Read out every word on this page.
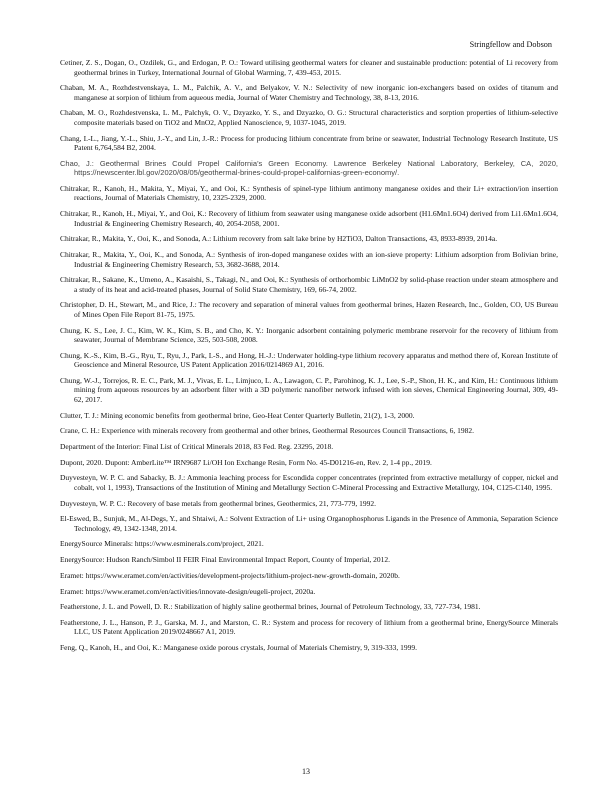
Stringfellow and Dobson

Cetiner, Z. S., Dogan, O., Ozdilek, G., and Erdogan, P. O.: Toward utilising geothermal waters for cleaner and sustainable production: potential of Li recovery from geothermal brines in Turkey, International Journal of Global Warming, 7, 439-453, 2015.

Chaban, M. A., Rozhdestvenskaya, L. M., Palchik, A. V., and Belyakov, V. N.: Selectivity of new inorganic ion-exchangers based on oxides of titanum and manganese at sorpion of lithium from aqueous media, Journal of Water Chemistry and Technology, 38, 8-13, 2016.

Chaban, M. O., Rozhdestvenska, L. M., Palchyk, O. V., Dzyazko, Y. S., and Dzyazko, O. G.: Structural characteristics and sorption properties of lithium-selective composite materials based on TiO2 and MnO2, Applied Nanoscience, 9, 1037-1045, 2019.

Chang, I.-L., Jiang, Y.-L., Shiu, J.-Y., and Lin, J.-R.: Process for producing lithium concentrate from brine or seawater, Industrial Technology Research Institute, US Patent 6,764,584 B2, 2004.

Chao, J.: Geothermal Brines Could Propel California’s Green Economy. Lawrence Berkeley National Laboratory, Berkeley, CA, 2020, https://newscenter.lbl.gov/2020/08/05/geothermal-brines-could-propel-californias-green-economy/.

Chitrakar, R., Kanoh, H., Makita, Y., Miyai, Y., and Ooi, K.: Synthesis of spinel-type lithium antimony manganese oxides and their Li+ extraction/ion insertion reactions, Journal of Materials Chemistry, 10, 2325-2329, 2000.

Chitrakar, R., Kanoh, H., Miyai, Y., and Ooi, K.: Recovery of lithium from seawater using manganese oxide adsorbent (H1.6Mn1.6O4) derived from Li1.6Mn1.6O4, Industrial & Engineering Chemistry Research, 40, 2054-2058, 2001.

Chitrakar, R., Makita, Y., Ooi, K., and Sonoda, A.: Lithium recovery from salt lake brine by H2TiO3, Dalton Transactions, 43, 8933-8939, 2014a.

Chitrakar, R., Makita, Y., Ooi, K., and Sonoda, A.: Synthesis of iron-doped manganese oxides with an ion-sieve property: Lithium adsorption from Bolivian brine, Industrial & Engineering Chemistry Research, 53, 3682-3688, 2014.

Chitrakar, R., Sakane, K., Umeno, A., Kasaishi, S., Takagi, N., and Ooi, K.: Synthesis of orthorhombic LiMnO2 by solid-phase reaction under steam atmosphere and a study of its heat and acid-treated phases, Journal of Solid State Chemistry, 169, 66-74, 2002.

Christopher, D. H., Stewart, M., and Rice, J.: The recovery and separation of mineral values from geothermal brines, Hazen Research, Inc., Golden, CO, US Bureau of Mines Open File Report 81-75, 1975.

Chung, K. S., Lee, J. C., Kim, W. K., Kim, S. B., and Cho, K. Y.: Inorganic adsorbent containing polymeric membrane reservoir for the recovery of lithium from seawater, Journal of Membrane Science, 325, 503-508, 2008.

Chung, K.-S., Kim, B.-G., Ryu, T., Ryu, J., Park, I.-S., and Hong, H.-J.: Underwater holding-type lithium recovery apparatus and method there of, Korean Institute of Geoscience and Mineral Resource, US Patent Application 2016/0214869 A1, 2016.

Chung, W.-J., Torrejos, R. E. C., Park, M. J., Vivas, E. L., Limjuco, L. A., Lawagon, C. P., Parohinog, K. J., Lee, S.-P., Shon, H. K., and Kim, H.: Continuous lithium mining from aqueous resources by an adsorbent filter with a 3D polymeric nanofiber network infused with ion sieves, Chemical Engineering Journal, 309, 49-62, 2017.

Clutter, T. J.: Mining economic benefits from geothermal brine, Geo-Heat Center Quarterly Bulletin, 21(2), 1-3, 2000.

Crane, C. H.: Experience with minerals recovery from geothermal and other brines, Geothermal Resources Council Transactions, 6, 1982.

Department of the Interior: Final List of Critical Minerals 2018, 83 Fed. Reg. 23295, 2018.

Dupont, 2020. Dupont: AmberLite™ IRN9687 Li/OH Ion Exchange Resin, Form No. 45-D01216-en, Rev. 2, 1-4 pp., 2019.

Duyvesteyn, W. P. C. and Sabacky, B. J.: Ammonia leaching process for Escondida copper concentrates (reprinted from extractive metallurgy of copper, nickel and cobalt, vol 1, 1993), Transactions of the Institution of Mining and Metallurgy Section C-Mineral Processing and Extractive Metallurgy, 104, C125-C140, 1995.

Duyvesteyn, W. P. C.: Recovery of base metals from geothermal brines, Geothermics, 21, 773-779, 1992.

El-Eswed, B., Sunjuk, M., Al-Degs, Y., and Shtaiwi, A.: Solvent Extraction of Li+ using Organophosphorus Ligands in the Presence of Ammonia, Separation Science Technology, 49, 1342-1348, 2014.

EnergySource Minerals: https://www.esminerals.com/project, 2021.

EnergySource: Hudson Ranch/Simbol II FEIR Final Environmental Impact Report, County of Imperial, 2012.

Eramet: https://www.eramet.com/en/activities/development-projects/lithium-project-new-growth-domain, 2020b.

Eramet: https://www.eramet.com/en/activities/innovate-design/eugeli-project, 2020a.

Featherstone, J. L. and Powell, D. R.: Stabilization of highly saline geothermal brines, Journal of Petroleum Technology, 33, 727-734, 1981.

Featherstone, J. L., Hanson, P. J., Garska, M. J., and Marston, C. R.: System and process for recovery of lithium from a geothermal brine, EnergySource Minerals LLC, US Patent Application 2019/0248667 A1, 2019.

Feng, Q., Kanoh, H., and Ooi, K.: Manganese oxide porous crystals, Journal of Materials Chemistry, 9, 319-333, 1999.

13
